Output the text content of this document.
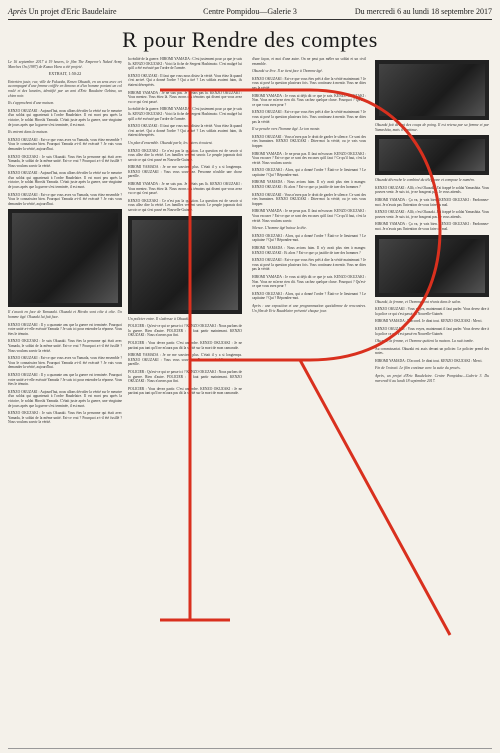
Après Un projet d'Eric Baudelaire	Centre Pompidou—Galerie 3	Du mercredi 6 au lundi 18 septembre 2017
R pour Rendre des comptes
Le 16 septembre 2017 à 19 heures, le film The Emperor's Naked Army Marches On (1987) de Kazuo Hara a été projeté.
EXTRAIT, 1:50:22
Entretien juste, rue, ville de Fukuoka, Kenzo Okuzaki, en un sens avec cet accompagné d'une femme coiffée en kimono et d'un homme portant un col roulé et des lunettes, identifié par un ami d'Eric Baudaire Ozbina, un chien noir.
Ils s'approchent d'une maison.

KENZO OKUZAKI : Aujourd'hui, nous allons dévoiler la vérité sur le meurtre d'un soldat qui appartenait à l'ordre Baudelaire. Il est mort peu après la victoire, le soldat Hiroshi Yamada. C'était juste après la guerre, une vingtaine de jours après que la guerre s'est terminée, il est mort.

Ils entrent dans la maison.

KENZO OKUZAKI : Est-ce que vous avez vu Yamada, vous étiez ensemble ? Vous le connaissiez bien. Pourquoi Yamada a-t-il été exécuté ? Je vais vous demander la vérité, aujourd'hui.

KENZO OKUZAKI : Je suis Okuzaki. Vous êtes la personne qui était avec Yamada, le soldat de la même unité. Est-ce vrai ? Pourquoi a-t-il été fusillé ? Nous voulons savoir la vérité.

KENZO OKUZAKI : Aujourd'hui, nous allons dévoiler la vérité sur le meurtre d'un soldat qui appartenait à l'ordre Baudelaire. Il est mort peu après la victoire, le soldat Hiroshi Yamada. C'était juste après la guerre, une vingtaine de jours après que la guerre s'est terminée, il est mort.

KENZO OKUZAKI : Est-ce que vous avez vu Yamada, vous étiez ensemble ? Vous le connaissiez bien. Pourquoi Yamada a-t-il été exécuté ? Je vais vous demander la vérité, aujourd'hui.

Il s'assoit en face de Yamazaki. Okuzaki et Hiroko sont côte à côte. Un homme âgé. Okuzaki lui fait face.

KENZO OKUZAKI : Il y a quarante ans que la guerre est terminée. Pourquoi votre unité a-t-elle exécuté Yamada ? Je suis ici pour entendre la réponse. Vous êtes le témoin.

KENZO OKUZAKI : Je suis Okuzaki. Vous êtes la personne qui était avec Yamada, le soldat de la même unité. Est-ce vrai ? Pourquoi a-t-il été fusillé ? Nous voulons savoir la vérité.

KENZO OKUZAKI : Est-ce que vous avez vu Yamada, vous étiez ensemble ? Vous le connaissiez bien. Pourquoi Yamada a-t-il été exécuté ? Je vais vous demander la vérité, aujourd'hui.

KENZO OKUZAKI : Il y a quarante ans que la guerre est terminée. Pourquoi votre unité a-t-elle exécuté Yamada ? Je suis ici pour entendre la réponse. Vous êtes le témoin.

KENZO OKUZAKI : Aujourd'hui, nous allons dévoiler la vérité sur le meurtre d'un soldat qui appartenait à l'ordre Baudelaire. Il est mort peu après la victoire, le soldat Hiroshi Yamada. C'était juste après la guerre, une vingtaine de jours après que la guerre s'est terminée, il est mort.

KENZO OKUZAKI : Je suis Okuzaki. Vous êtes la personne qui était avec Yamada, le soldat de la même unité. Est-ce vrai ? Pourquoi a-t-il été fusillé ? Nous voulons savoir la vérité.

la réalité de la guerre. HIROMI YAMADA : C'est justement pour ça que je suis là. KENZO OKUZAKI : Voici la fiche de Sergent Hashimoto. C'est malgré lui qu'il a été exécuté par l'ordre de l'armée.

KENZO OKUZAKI : Il faut que vous nous disiez la vérité. Vous étiez là quand c'est arrivé. Qui a donné l'ordre ? Qui a tiré ? Les soldats avaient faim, ils étaient désespérés.

HIROMI YAMADA : Je ne sais pas. Je n'étais pas là. KENZO OKUZAKI : Vous mentez. Vous étiez là. Nous avons des témoins qui disent que vous avez vu ce qui s'est passé.

la réalité de la guerre. HIROMI YAMADA : C'est justement pour ça que je suis là. KENZO OKUZAKI : Voici la fiche de Sergent Hashimoto. C'est malgré lui qu'il a été exécuté par l'ordre de l'armée.

KENZO OKUZAKI : Il faut que vous nous disiez la vérité. Vous étiez là quand c'est arrivé. Qui a donné l'ordre ? Qui a tiré ? Les soldats avaient faim, ils étaient désespérés.

Un plan d'ensemble. Okuzaki parle, les autres écoutent.

KENZO OKUZAKI : Ce n'est pas la question. La question est de savoir si vous allez dire la vérité. Les familles veulent savoir. Le peuple japonais doit savoir ce qui s'est passé en Nouvelle-Guinée.

HIROMI YAMADA : Je ne me souviens plus. C'était il y a si longtemps. KENZO OKUZAKI : Vous vous souvenez. Personne n'oublie une chose pareille.

HIROMI YAMADA : Je ne sais pas. Je n'étais pas là. KENZO OKUZAKI : Vous mentez. Vous étiez là. Nous avons des témoins qui disent que vous avez vu ce qui s'est passé.

KENZO OKUZAKI : Ce n'est pas la question. La question est de savoir si vous allez dire la vérité. Les familles veulent savoir. Le peuple japonais doit savoir ce qui s'est passé en Nouvelle-Guinée.

Un policier entre. Il s'adresse à Okuzaki.

POLICIER : Qu'est-ce qui se passe ici ? KENZO OKUZAKI : Nous parlons de la guerre. Rien d'autre. POLICIER : Il faut partir maintenant. KENZO OKUZAKI : Nous n'avons pas fini.

POLICIER : Vous devez partir. C'est un ordre. KENZO OKUZAKI : Je ne partirai pas tant qu'il ne m'aura pas dit la vérité sur la mort de mon camarade.

HIROMI YAMADA : Je ne me souviens plus. C'était il y a si longtemps. KENZO OKUZAKI : Vous vous souvenez. Personne n'oublie une chose pareille.

POLICIER : Qu'est-ce qui se passe ici ? KENZO OKUZAKI : Nous parlons de la guerre. Rien d'autre. POLICIER : Il faut partir maintenant. KENZO OKUZAKI : Nous n'avons pas fini.

POLICIER : Vous devez partir. C'est un ordre. KENZO OKUZAKI : Je ne partirai pas tant qu'il ne m'aura pas dit la vérité sur la mort de mon camarade.

d'une façon, et moi d'une autre. On ne peut pas mêler un soldat et un civil ensemble.

Okuzaki se lève. Il se tient face à l'homme âgé.

KENZO OKUZAKI : Est-ce que vous êtes prêt à dire la vérité maintenant ? Je vous ai posé la question plusieurs fois. Vous continuez à mentir. Vous ne dites pas la vérité.

HIROMI YAMADA : Je vous ai déjà dit ce que je sais. KENZO OKUZAKI : Non. Vous ne m'avez rien dit. Vous cachez quelque chose. Pourquoi ? Qu'est-ce que vous avez peur ?

KENZO OKUZAKI : Est-ce que vous êtes prêt à dire la vérité maintenant ? Je vous ai posé la question plusieurs fois. Vous continuez à mentir. Vous ne dites pas la vérité.

Il se penche vers l'homme âgé. Le ton monte.

KENZO OKUZAKI : Vous n'avez pas le droit de garder le silence. Ce sont des vies humaines. KENZO OKUZAKI : Dites-moi la vérité, ou je vais vous frapper.

HIROMI YAMADA : Je ne peux pas. Il faut m'excuser. KENZO OKUZAKI : Vous excuser ? Est-ce que ce sont des excuses qu'il faut ? Ce qu'il faut, c'est la vérité. Nous voulons savoir.

KENZO OKUZAKI : Alors, qui a donné l'ordre ? Était-ce le lieutenant ? Le capitaine ? Qui ? Répondez-moi.

HIROMI YAMADA : Nous avions faim. Il n'y avait plus rien à manger. KENZO OKUZAKI : Et alors ? Est-ce que ça justifie de tuer des hommes ?

KENZO OKUZAKI : Vous n'avez pas le droit de garder le silence. Ce sont des vies humaines. KENZO OKUZAKI : Dites-moi la vérité, ou je vais vous frapper.

HIROMI YAMADA : Je ne peux pas. Il faut m'excuser. KENZO OKUZAKI : Vous excuser ? Est-ce que ce sont des excuses qu'il faut ? Ce qu'il faut, c'est la vérité. Nous voulons savoir.

Silence. L'homme âgé baisse la tête.

KENZO OKUZAKI : Alors, qui a donné l'ordre ? Était-ce le lieutenant ? Le capitaine ? Qui ? Répondez-moi.

HIROMI YAMADA : Nous avions faim. Il n'y avait plus rien à manger. KENZO OKUZAKI : Et alors ? Est-ce que ça justifie de tuer des hommes ?

KENZO OKUZAKI : Est-ce que vous êtes prêt à dire la vérité maintenant ? Je vous ai posé la question plusieurs fois. Vous continuez à mentir. Vous ne dites pas la vérité.

HIROMI YAMADA : Je vous ai déjà dit ce que je sais. KENZO OKUZAKI : Non. Vous ne m'avez rien dit. Vous cachez quelque chose. Pourquoi ? Qu'est-ce que vous avez peur ?

KENZO OKUZAKI : Alors, qui a donné l'ordre ? Était-ce le lieutenant ? Le capitaine ? Qui ? Répondez-moi.

Après : une exposition et une programmation quotidienne de rencontres. Un film de Eric Baudelaire présenté chaque jour.
Okuzaki fait devant des coups de poing. Il est retenu par sa femme et par Yamashita, mais il continue.
Okuzaki décroche le combiné du téléphone et compose le numéro.

KENZO OKUZAKI : Allô, c'est Okuzaki. J'ai frappé le soldat Yamashita. Vous pouvez venir. Je suis ici, je ne bougerai pas. Je vous attends.

HIROMI YAMADA : Ça va, je vais bien. KENZO OKUZAKI : Pardonnez-moi. Je n'avais pas l'intention de vous faire du mal.

KENZO OKUZAKI : Allô, c'est Okuzaki. J'ai frappé le soldat Yamashita. Vous pouvez venir. Je suis ici, je ne bougerai pas. Je vous attends.

HIROMI YAMADA : Ça va, je vais bien. KENZO OKUZAKI : Pardonnez-moi. Je n'avais pas l'intention de vous faire du mal.

Okuzaki, la femme, et l'homme sont réunis dans le salon.

KENZO OKUZAKI : Vous voyez, maintenant il faut parler. Vous devez dire à la police ce qui s'est passé en Nouvelle-Guinée.

HIROMI YAMADA : D'accord. Je dirai tout. KENZO OKUZAKI : Merci.

KENZO OKUZAKI : Vous voyez, maintenant il faut parler. Vous devez dire à la police ce qui s'est passé en Nouvelle-Guinée.

Okuzaki, la femme, et l'homme quittent la maison. La nuit tombe.

Au commissariat. Okuzaki est assis devant un policier. Le policier prend des notes.

HIROMI YAMADA : D'accord. Je dirai tout. KENZO OKUZAKI : Merci.

Fin de l'extrait. Le film continue avec la suite du procès.
Après, un projet d'Eric Baudelaire. Centre Pompidou—Galerie 3. Du mercredi 6 au lundi 18 septembre 2017.
